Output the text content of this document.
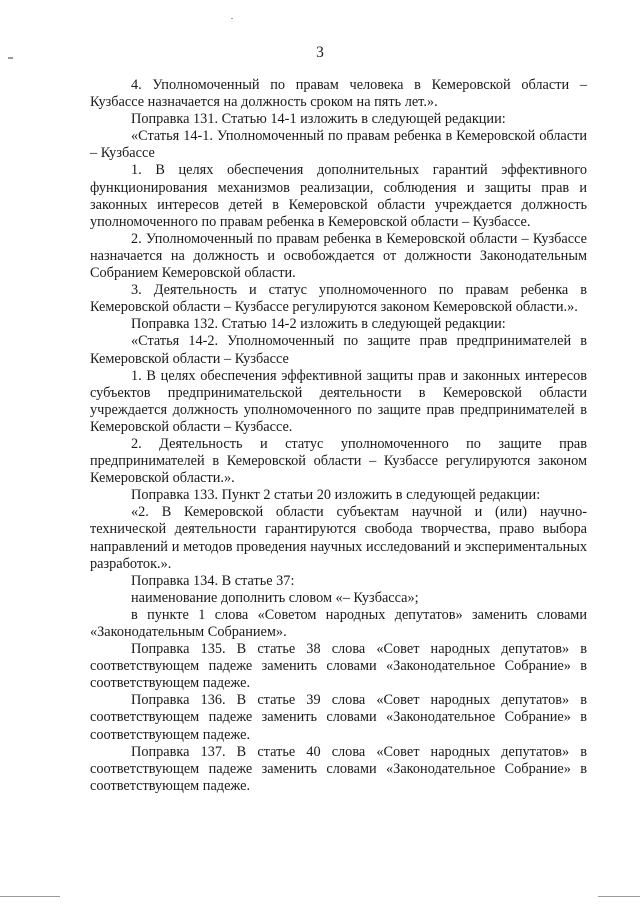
3

4. Уполномоченный по правам человека в Кемеровской области – Кузбассе назначается на должность сроком на пять лет.».

Поправка 131. Статью 14-1 изложить в следующей редакции:

«Статья 14-1. Уполномоченный по правам ребенка в Кемеровской области – Кузбассе

1. В целях обеспечения дополнительных гарантий эффективного функционирования механизмов реализации, соблюдения и защиты прав и законных интересов детей в Кемеровской области учреждается должность уполномоченного по правам ребенка в Кемеровской области – Кузбассе.

2. Уполномоченный по правам ребенка в Кемеровской области – Кузбассе назначается на должность и освобождается от должности Законодательным Собранием Кемеровской области.

3. Деятельность и статус уполномоченного по правам ребенка в Кемеровской области – Кузбассе регулируются законом Кемеровской области.».

Поправка 132. Статью 14-2 изложить в следующей редакции:

«Статья 14-2. Уполномоченный по защите прав предпринимателей в Кемеровской области – Кузбассе

1. В целях обеспечения эффективной защиты прав и законных интересов субъектов предпринимательской деятельности в Кемеровской области учреждается должность уполномоченного по защите прав предпринимателей в Кемеровской области – Кузбассе.

2. Деятельность и статус уполномоченного по защите прав предпринимателей в Кемеровской области – Кузбассе регулируются законом Кемеровской области.».

Поправка 133. Пункт 2 статьи 20 изложить в следующей редакции:

«2. В Кемеровской области субъектам научной и (или) научно-технической деятельности гарантируются свобода творчества, право выбора направлений и методов проведения научных исследований и экспериментальных разработок.».

Поправка 134. В статье 37:

наименование дополнить словом «– Кузбасса»;

в пункте 1 слова «Советом народных депутатов» заменить словами «Законодательным Собранием».

Поправка 135. В статье 38 слова «Совет народных депутатов» в соответствующем падеже заменить словами «Законодательное Собрание» в соответствующем падеже.

Поправка 136. В статье 39 слова «Совет народных депутатов» в соответствующем падеже заменить словами «Законодательное Собрание» в соответствующем падеже.

Поправка 137. В статье 40 слова «Совет народных депутатов» в соответствующем падеже заменить словами «Законодательное Собрание» в соответствующем падеже.
